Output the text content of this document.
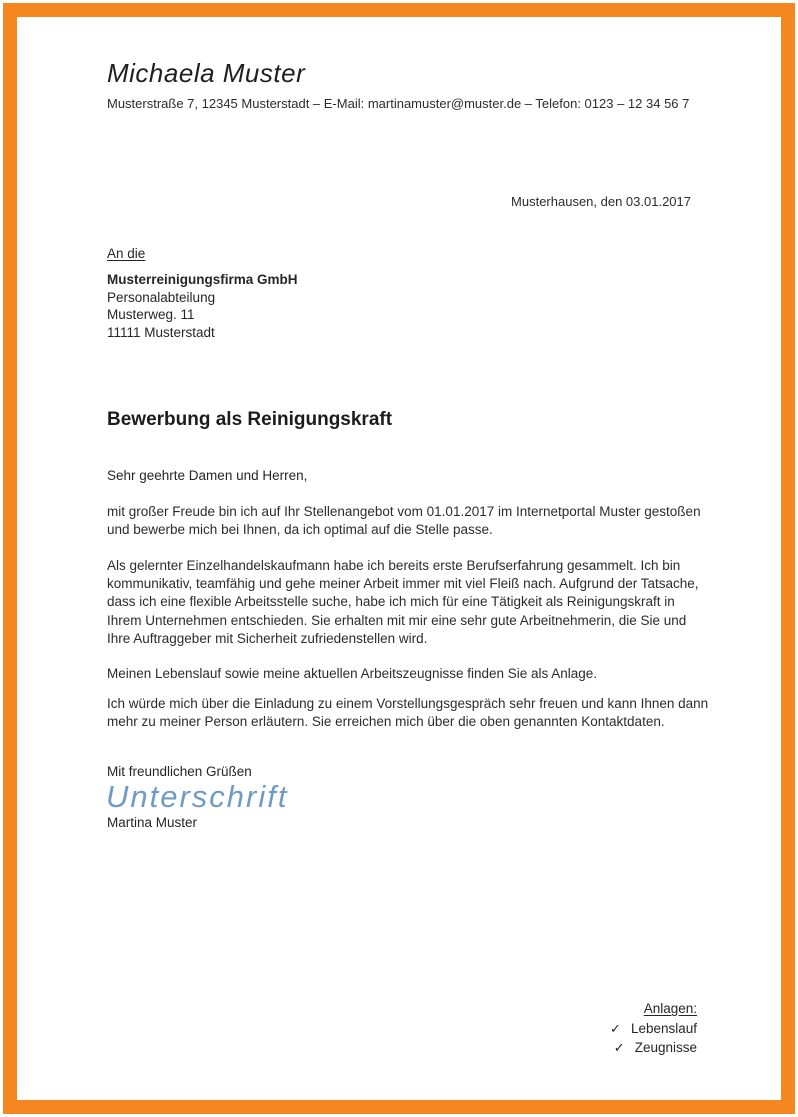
Michaela Muster
Musterstraße 7, 12345 Musterstadt – E-Mail: martinamuster@muster.de – Telefon: 0123 – 12 34 56 7
Musterhausen, den 03.01.2017
An die
Musterreinigungsfirma GmbH
Personalabteilung
Musterweg. 11
11111 Musterstadt
Bewerbung als Reinigungskraft
Sehr geehrte Damen und Herren,
mit großer Freude bin ich auf Ihr Stellenangebot vom 01.01.2017 im Internetportal Muster gestoßen und bewerbe mich bei Ihnen, da ich optimal auf die Stelle passe.
Als gelernter Einzelhandelskaufmann habe ich bereits erste Berufserfahrung gesammelt. Ich bin kommunikativ, teamfähig und gehe meiner Arbeit immer mit viel Fleiß nach. Aufgrund der Tatsache, dass ich eine flexible Arbeitsstelle suche, habe ich mich für eine Tätigkeit als Reinigungskraft in Ihrem Unternehmen entschieden. Sie erhalten mit mir eine sehr gute Arbeitnehmerin, die Sie und Ihre Auftraggeber mit Sicherheit zufriedenstellen wird.
Meinen Lebenslauf sowie meine aktuellen Arbeitszeugnisse finden Sie als Anlage.
Ich würde mich über die Einladung zu einem Vorstellungsgespräch sehr freuen und kann Ihnen dann mehr zu meiner Person erläutern. Sie erreichen mich über die oben genannten Kontaktdaten.
Mit freundlichen Grüßen
Unterschrift
Martina Muster
Anlagen:
✓ Lebenslauf
✓ Zeugnisse
